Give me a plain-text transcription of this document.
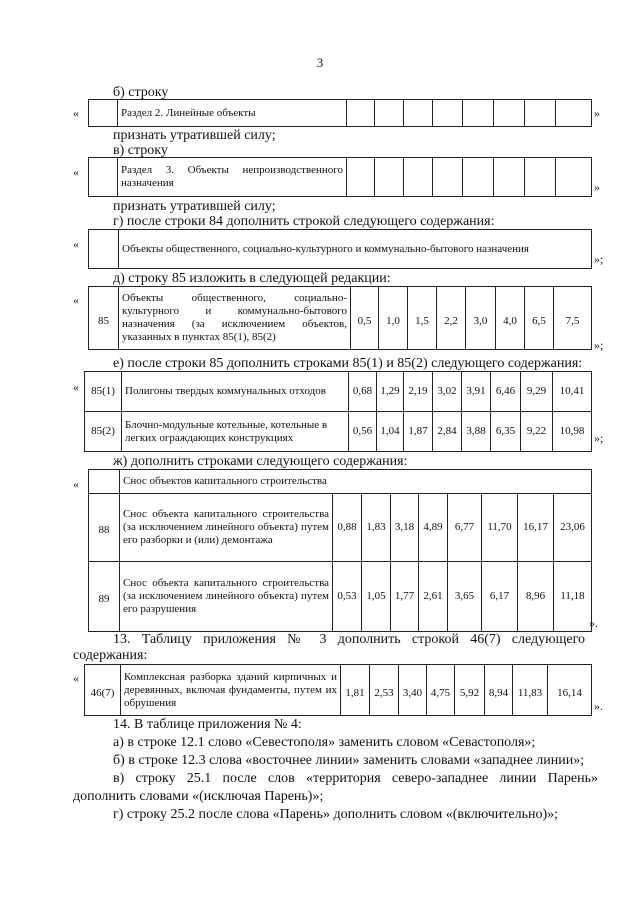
3
б) строку
«
		Раздел 2. Линейные объекты									»
признать утратившей силу;
в) строку
«
		Раздел 3. Объекты непроизводственного назначения									»
признать утратившей силу;
г) после строки 84 дополнить строкой следующего содержания:
«
		Объекты общественного, социально-культурного и коммунально-бытового назначения
»;
д) строку 85 изложить в следующей редакции:
«
85	Объекты общественного, социально-культурного и коммунально-бытового назначения (за исключением объектов, указанных в пунктах 85(1), 85(2)	0,5	1,0	1,5	2,2	3,0	4,0	6,5	7,5
»;
е) после строки 85 дополнить строками 85(1) и 85(2) следующего содержания:
« 85(1)	Полигоны твердых коммунальных отходов	0,68	1,29	2,19	3,02	3,91	6,46	9,29	10,41
85(2)	Блочно-модульные котельные, котельные в легких ограждающих конструкциях	0,56	1,04	1,87	2,84	3,88	6,35	9,22	10,98 »;
ж) дополнить строками следующего содержания:
«
		Снос объектов капитального строительства								
88	Снос объекта капитального строительства (за исключением линейного объекта) путем его разборки и (или) демонтажа	0,88	1,83	3,18	4,89	6,77	11,70	16,17	23,06
89	Снос объекта капитального строительства (за исключением линейного объекта) путем его разрушения	0,53	1,05	1,77	2,61	3,65	6,17	8,96	11,18
».
13. Таблицу приложения № 3 дополнить строкой 46(7) следующего
содержания:
«
46(7)	Комплексная разборка зданий кирпичных и деревянных, включая фундаменты, путем их обрушения	1,81	2,53	3,40	4,75	5,92	8,94	11,83	16,14
».
14. В таблице приложения № 4:
а) в строке 12.1 слово «Севестополя» заменить словом «Севастополя»;
б) в строке 12.3 слова «восточнее линии» заменить словами «западнее линии»;
в) строку 25.1 после слов «территория северо-западнее линии Парень»
дополнить словами «(исключая Парень)»;
г) строку 25.2 после слова «Парень» дополнить словом «(включительно)»;
